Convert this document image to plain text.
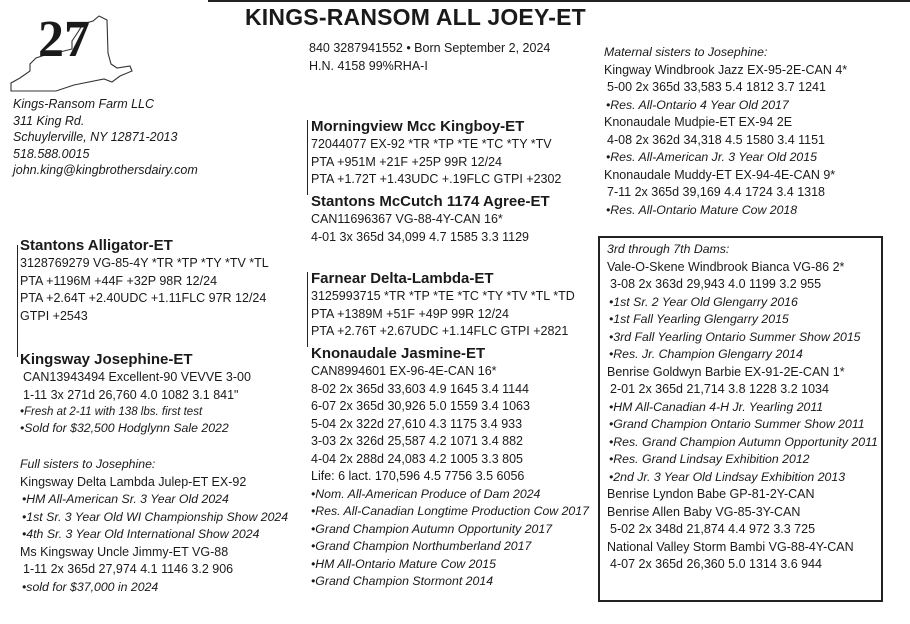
KINGS-RANSOM ALL JOEY-ET
27
Kings-Ransom Farm LLC
311 King Rd.
Schuylerville, NY 12871-2013
518.588.0015
john.king@kingbrothersdairy.com
840 3287941552 • Born September 2, 2024
H.N. 4158 99%RHA-I
Morningview Mcc Kingboy-ET
72044077 EX-92 *TR *TP *TE *TC *TY *TV
PTA +951M +21F +25P 99R 12/24
PTA +1.72T +1.43UDC +.19FLC GTPI +2302
Stantons McCutch 1174 Agree-ET
CAN11696367 VG-88-4Y-CAN 16*
4-01 3x 365d 34,099 4.7 1585 3.3 1129
Stantons Alligator-ET
3128769279 VG-85-4Y *TR *TP *TY *TV *TL
PTA +1196M +44F +32P 98R 12/24
PTA +2.64T +2.40UDC +1.11FLC 97R 12/24
GTPI +2543
Kingsway Josephine-ET
CAN13943494 Excellent-90 VEVVE 3-00
1-11 3x 271d 26,760 4.0 1082 3.1 841"
•Fresh at 2-11 with 138 lbs. first test
•Sold for $32,500 Hodglynn Sale 2022
Full sisters to Josephine:
Kingsway Delta Lambda Julep-ET EX-92
•HM All-American Sr. 3 Year Old 2024
•1st Sr. 3 Year Old WI Championship Show 2024
•4th Sr. 3 Year Old International Show 2024
Ms Kingsway Uncle Jimmy-ET VG-88
1-11 2x 365d 27,974 4.1 1146 3.2 906
•sold for $37,000 in 2024
Farnear Delta-Lambda-ET
3125993715 *TR *TP *TE *TC *TY *TV *TL *TD
PTA +1389M +51F +49P 99R 12/24
PTA +2.76T +2.67UDC +1.14FLC GTPI +2821
Knonaudale Jasmine-ET
CAN8994601 EX-96-4E-CAN 16*
8-02 2x 365d 33,603 4.9 1645 3.4 1144
6-07 2x 365d 30,926 5.0 1559 3.4 1063
5-04 2x 322d 27,610 4.3 1175 3.4 933
3-03 2x 326d 25,587 4.2 1071 3.4 882
4-04 2x 288d 24,083 4.2 1005 3.3 805
Life: 6 lact. 170,596 4.5 7756 3.5 6056
•Nom. All-American Produce of Dam 2024
•Res. All-Canadian Longtime Production Cow 2017
•Grand Champion Autumn Opportunity 2017
•Grand Champion Northumberland 2017
•HM All-Ontario Mature Cow 2015
•Grand Champion Stormont 2014
Maternal sisters to Josephine:
Kingway Windbrook Jazz EX-95-2E-CAN 4*
5-00 2x 365d 33,583 5.4 1812 3.7 1241
•Res. All-Ontario 4 Year Old 2017
Knonaudale Mudpie-ET EX-94 2E
4-08 2x 362d 34,318 4.5 1580 3.4 1151
•Res. All-American Jr. 3 Year Old 2015
Knonaudale Muddy-ET EX-94-4E-CAN 9*
7-11 2x 365d 39,169 4.4 1724 3.4 1318
•Res. All-Ontario Mature Cow 2018
3rd through 7th Dams:
Vale-O-Skene Windbrook Bianca VG-86 2*
3-08 2x 363d 29,943 4.0 1199 3.2 955
•1st Sr. 2 Year Old Glengarry 2016
•1st Fall Yearling Glengarry 2015
•3rd Fall Yearling Ontario Summer Show 2015
•Res. Jr. Champion Glengarry 2014
Benrise Goldwyn Barbie EX-91-2E-CAN 1*
2-01 2x 365d 21,714 3.8 1228 3.2 1034
•HM All-Canadian 4-H Jr. Yearling 2011
•Grand Champion Ontario Summer Show 2011
•Res. Grand Champion Autumn Opportunity 2011
•Res. Grand Lindsay Exhibition 2012
•2nd Jr. 3 Year Old Lindsay Exhibition 2013
Benrise Lyndon Babe GP-81-2Y-CAN
Benrise Allen Baby VG-85-3Y-CAN
5-02 2x 348d 21,874 4.4 972 3.3 725
National Valley Storm Bambi VG-88-4Y-CAN
4-07 2x 365d 26,360 5.0 1314 3.6 944
